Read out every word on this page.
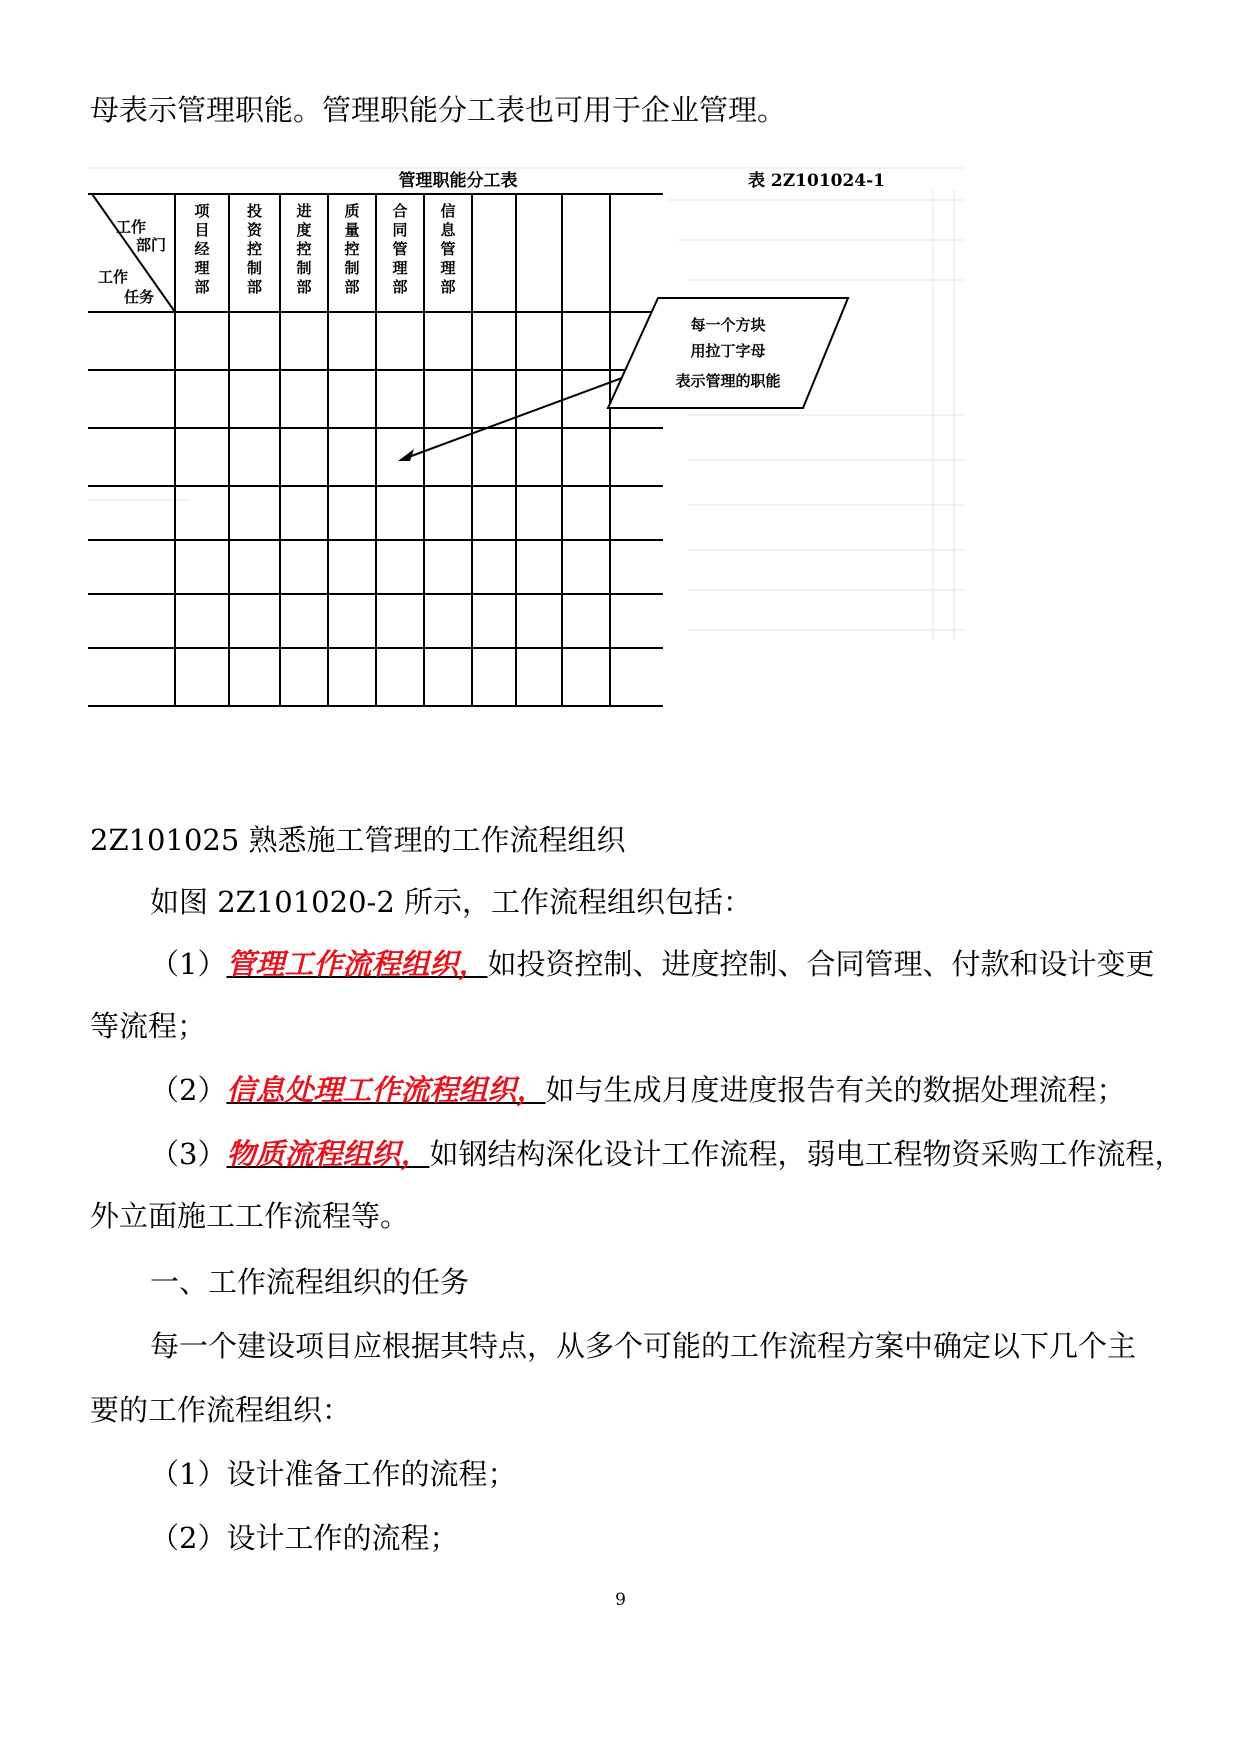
母表示管理职能。管理职能分工表也可用于企业管理。
管理职能分工表	表 2Z101024-1
工作
部门
工作
任务
项目经理部
投资控制部
进度控制部
质量控制部
合同管理部
信息管理部
每一个方块
用拉丁字母
表示管理的职能
2Z101025 熟悉施工管理的工作流程组织
如图 2Z101020-2 所示，工作流程组织包括：
（1）管理工作流程组织，如投资控制、进度控制、合同管理、付款和设计变更
等流程；
（2）信息处理工作流程组织，如与生成月度进度报告有关的数据处理流程；
（3）物质流程组织，如钢结构深化设计工作流程，弱电工程物资采购工作流程，
外立面施工工作流程等。
一、工作流程组织的任务
每一个建设项目应根据其特点，从多个可能的工作流程方案中确定以下几个主
要的工作流程组织：
（1）设计准备工作的流程；
（2）设计工作的流程；
9
